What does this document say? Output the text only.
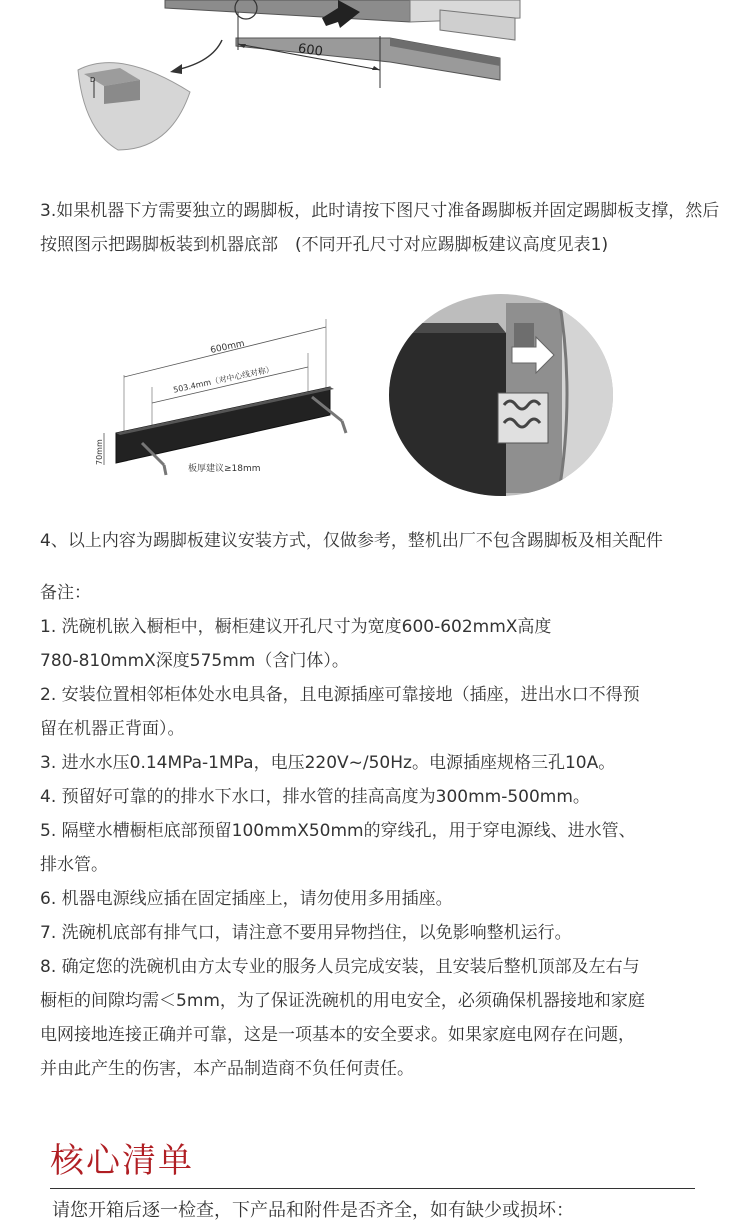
600
D

3.如果机器下方需要独立的踢脚板，此时请按下图尺寸准备踢脚板并固定踢脚板支撑，然后按照图示把踢脚板装到机器底部　(不同开孔尺寸对应踢脚板建议高度见表1)

600mm
503.4mm（对中心线对称）
70mm
板厚建议≥18mm

4、以上内容为踢脚板建议安装方式，仅做参考，整机出厂不包含踢脚板及相关配件

备注：

1. 洗碗机嵌入橱柜中，橱柜建议开孔尺寸为宽度600-602mmX高度

780-810mmX深度575mm（含门体）。

2. 安装位置相邻柜体处水电具备，且电源插座可靠接地（插座，进出水口不得预

留在机器正背面）。

3. 进水水压0.14MPa-1MPa，电压220V~/50Hz。电源插座规格三孔10A。

4. 预留好可靠的的排水下水口，排水管的挂高高度为300mm-500mm。

5. 隔壁水槽橱柜底部预留100mmX50mm的穿线孔，用于穿电源线、进水管、

排水管。

6. 机器电源线应插在固定插座上，请勿使用多用插座。

7. 洗碗机底部有排气口，请注意不要用异物挡住，以免影响整机运行。

8. 确定您的洗碗机由方太专业的服务人员完成安装，且安装后整机顶部及左右与

橱柜的间隙均需＜5mm，为了保证洗碗机的用电安全，必须确保机器接地和家庭

电网接地连接正确并可靠，这是一项基本的安全要求。如果家庭电网存在问题，

并由此产生的伤害，本产品制造商不负任何责任。

核心清单
请您开箱后逐一检查，下产品和附件是否齐全，如有缺少或损坏：
